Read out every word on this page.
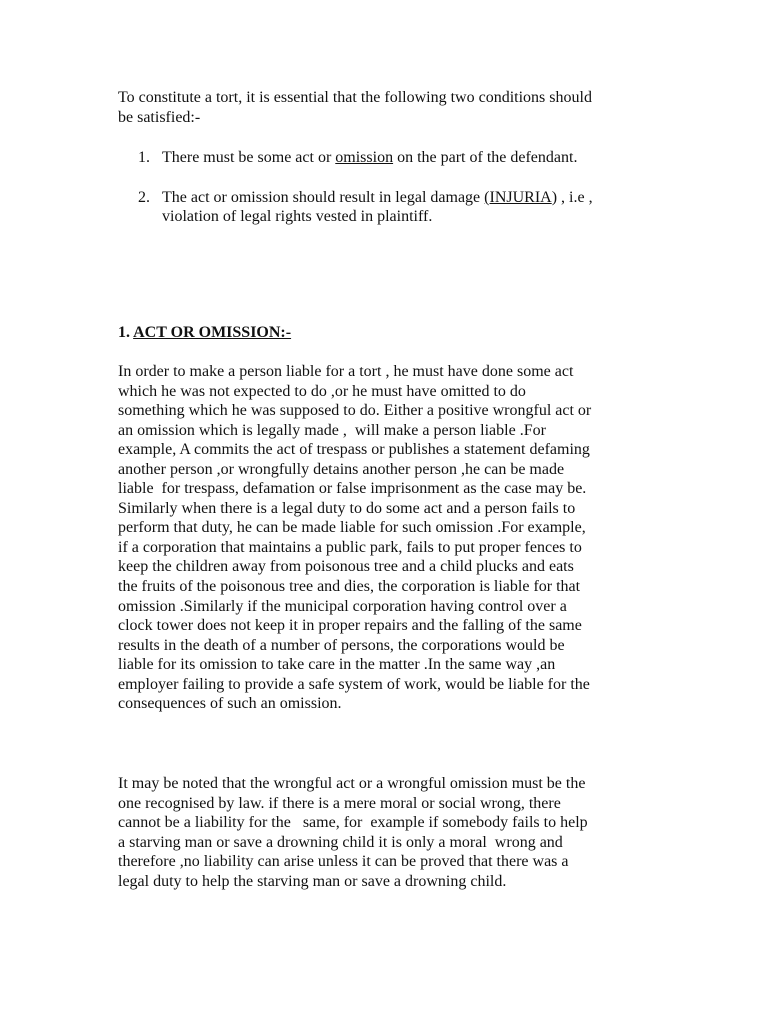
To constitute a tort, it is essential that the following two conditions should
be satisfied:-
1. There must be some act or omission on the part of the defendant.
2. The act or omission should result in legal damage (INJURIA) , i.e ,
violation of legal rights vested in plaintiff.
1. ACT OR OMISSION:-
In order to make a person liable for a tort , he must have done some act
which he was not expected to do ,or he must have omitted to do
something which he was supposed to do. Either a positive wrongful act or
an omission which is legally made ,  will make a person liable .For
example, A commits the act of trespass or publishes a statement defaming
another person ,or wrongfully detains another person ,he can be made
liable  for trespass, defamation or false imprisonment as the case may be.
Similarly when there is a legal duty to do some act and a person fails to
perform that duty, he can be made liable for such omission .For example,
if a corporation that maintains a public park, fails to put proper fences to
keep the children away from poisonous tree and a child plucks and eats
the fruits of the poisonous tree and dies, the corporation is liable for that
omission .Similarly if the municipal corporation having control over a
clock tower does not keep it in proper repairs and the falling of the same
results in the death of a number of persons, the corporations would be
liable for its omission to take care in the matter .In the same way ,an
employer failing to provide a safe system of work, would be liable for the
consequences of such an omission.
It may be noted that the wrongful act or a wrongful omission must be the
one recognised by law. if there is a mere moral or social wrong, there
cannot be a liability for the   same, for  example if somebody fails to help
a starving man or save a drowning child it is only a moral  wrong and
therefore ,no liability can arise unless it can be proved that there was a
legal duty to help the starving man or save a drowning child.
